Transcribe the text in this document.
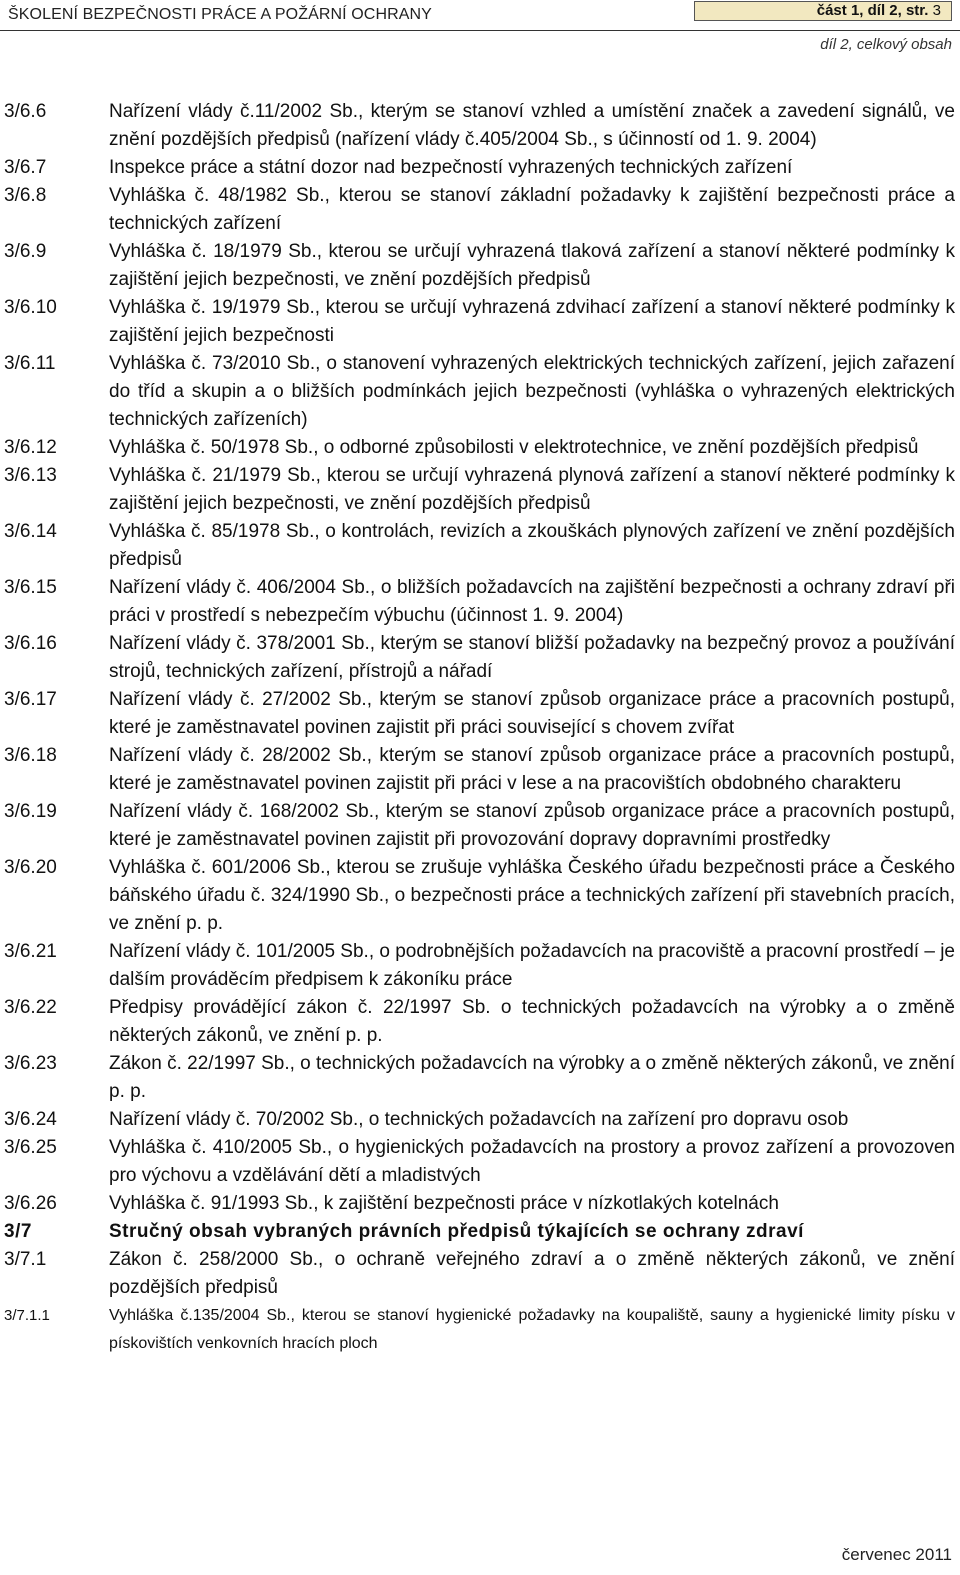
ŠKOLENÍ BEZPEČNOSTI PRÁCE A POŽÁRNÍ OCHRANY	část 1, díl 2, str. 3
díl 2, celkový obsah
3/6.6	Nařízení vlády č.11/2002 Sb., kterým se stanoví vzhled a umístění značek a zavedení signálů, ve znění pozdějších předpisů (nařízení vlády č.405/2004 Sb., s účinností od 1. 9. 2004)
3/6.7	Inspekce práce a státní dozor nad bezpečností vyhrazených technických zařízení
3/6.8	Vyhláška č. 48/1982 Sb., kterou se stanoví základní požadavky k zajištění bezpečnosti práce a technických zařízení
3/6.9	Vyhláška č. 18/1979 Sb., kterou se určují vyhrazená tlaková zařízení a stanoví některé podmínky k zajištění jejich bezpečnosti, ve znění pozdějších předpisů
3/6.10	Vyhláška č. 19/1979 Sb., kterou se určují vyhrazená zdvihací zařízení a stanoví některé podmínky k zajištění jejich bezpečnosti
3/6.11	Vyhláška č. 73/2010 Sb., o stanovení vyhrazených elektrických technických zařízení, jejich zařazení do tříd a skupin a o bližších podmínkách jejich bezpečnosti (vyhláška o vyhrazených elektrických technických zařízeních)
3/6.12	Vyhláška č. 50/1978 Sb., o odborné způsobilosti v elektrotechnice, ve znění pozdějších předpisů
3/6.13	Vyhláška č. 21/1979 Sb., kterou se určují vyhrazená plynová zařízení a stanoví některé podmínky k zajištění jejich bezpečnosti, ve znění pozdějších předpisů
3/6.14	Vyhláška č. 85/1978 Sb., o kontrolách, revizích a zkouškách plynových zařízení ve znění pozdějších předpisů
3/6.15	Nařízení vlády č. 406/2004 Sb., o bližších požadavcích na zajištění bezpečnosti a ochrany zdraví při práci v prostředí s nebezpečím výbuchu (účinnost 1. 9. 2004)
3/6.16	Nařízení vlády č. 378/2001 Sb., kterým se stanoví bližší požadavky na bezpečný provoz a používání strojů, technických zařízení, přístrojů a nářadí
3/6.17	Nařízení vlády č. 27/2002 Sb., kterým se stanoví způsob organizace práce a pracovních postupů, které je zaměstnavatel povinen zajistit při práci související s chovem zvířat
3/6.18	Nařízení vlády č. 28/2002 Sb., kterým se stanoví způsob organizace práce a pracovních postupů, které je zaměstnavatel povinen zajistit při práci v lese a na pracovištích obdobného charakteru
3/6.19	Nařízení vlády č. 168/2002 Sb., kterým se stanoví způsob organizace práce a pracovních postupů, které je zaměstnavatel povinen zajistit při provozování dopravy dopravními prostředky
3/6.20	Vyhláška č. 601/2006 Sb., kterou se zrušuje vyhláška Českého úřadu bezpečnosti práce a Českého báňského úřadu č. 324/1990 Sb., o bezpečnosti práce a technických zařízení při stavebních pracích, ve znění p. p.
3/6.21	Nařízení vlády č. 101/2005 Sb., o podrobnějších požadavcích na pracoviště a pracovní prostředí – je dalším prováděcím předpisem k zákoníku práce
3/6.22	Předpisy provádějící zákon č. 22/1997 Sb. o technických požadavcích na výrobky a o změně některých zákonů, ve znění p. p.
3/6.23	Zákon č. 22/1997 Sb., o technických požadavcích na výrobky a o změně některých zákonů, ve znění p. p.
3/6.24	Nařízení vlády č. 70/2002 Sb., o technických požadavcích na zařízení pro dopravu osob
3/6.25	Vyhláška č. 410/2005 Sb., o hygienických požadavcích na prostory a provoz zařízení a provozoven pro výchovu a vzdělávání dětí a mladistvých
3/6.26	Vyhláška č. 91/1993 Sb., k zajištění bezpečnosti práce v nízkotlakých kotelnách
3/7	Stručný obsah vybraných právních předpisů týkajících se ochrany zdraví
3/7.1	Zákon č. 258/2000 Sb., o ochraně veřejného zdraví a o změně některých zákonů, ve znění pozdějších předpisů
3/7.1.1	Vyhláška č.135/2004 Sb., kterou se stanoví hygienické požadavky na koupaliště, sauny a hygienické limity písku v pískovištích venkovních hracích ploch
červenec 2011
